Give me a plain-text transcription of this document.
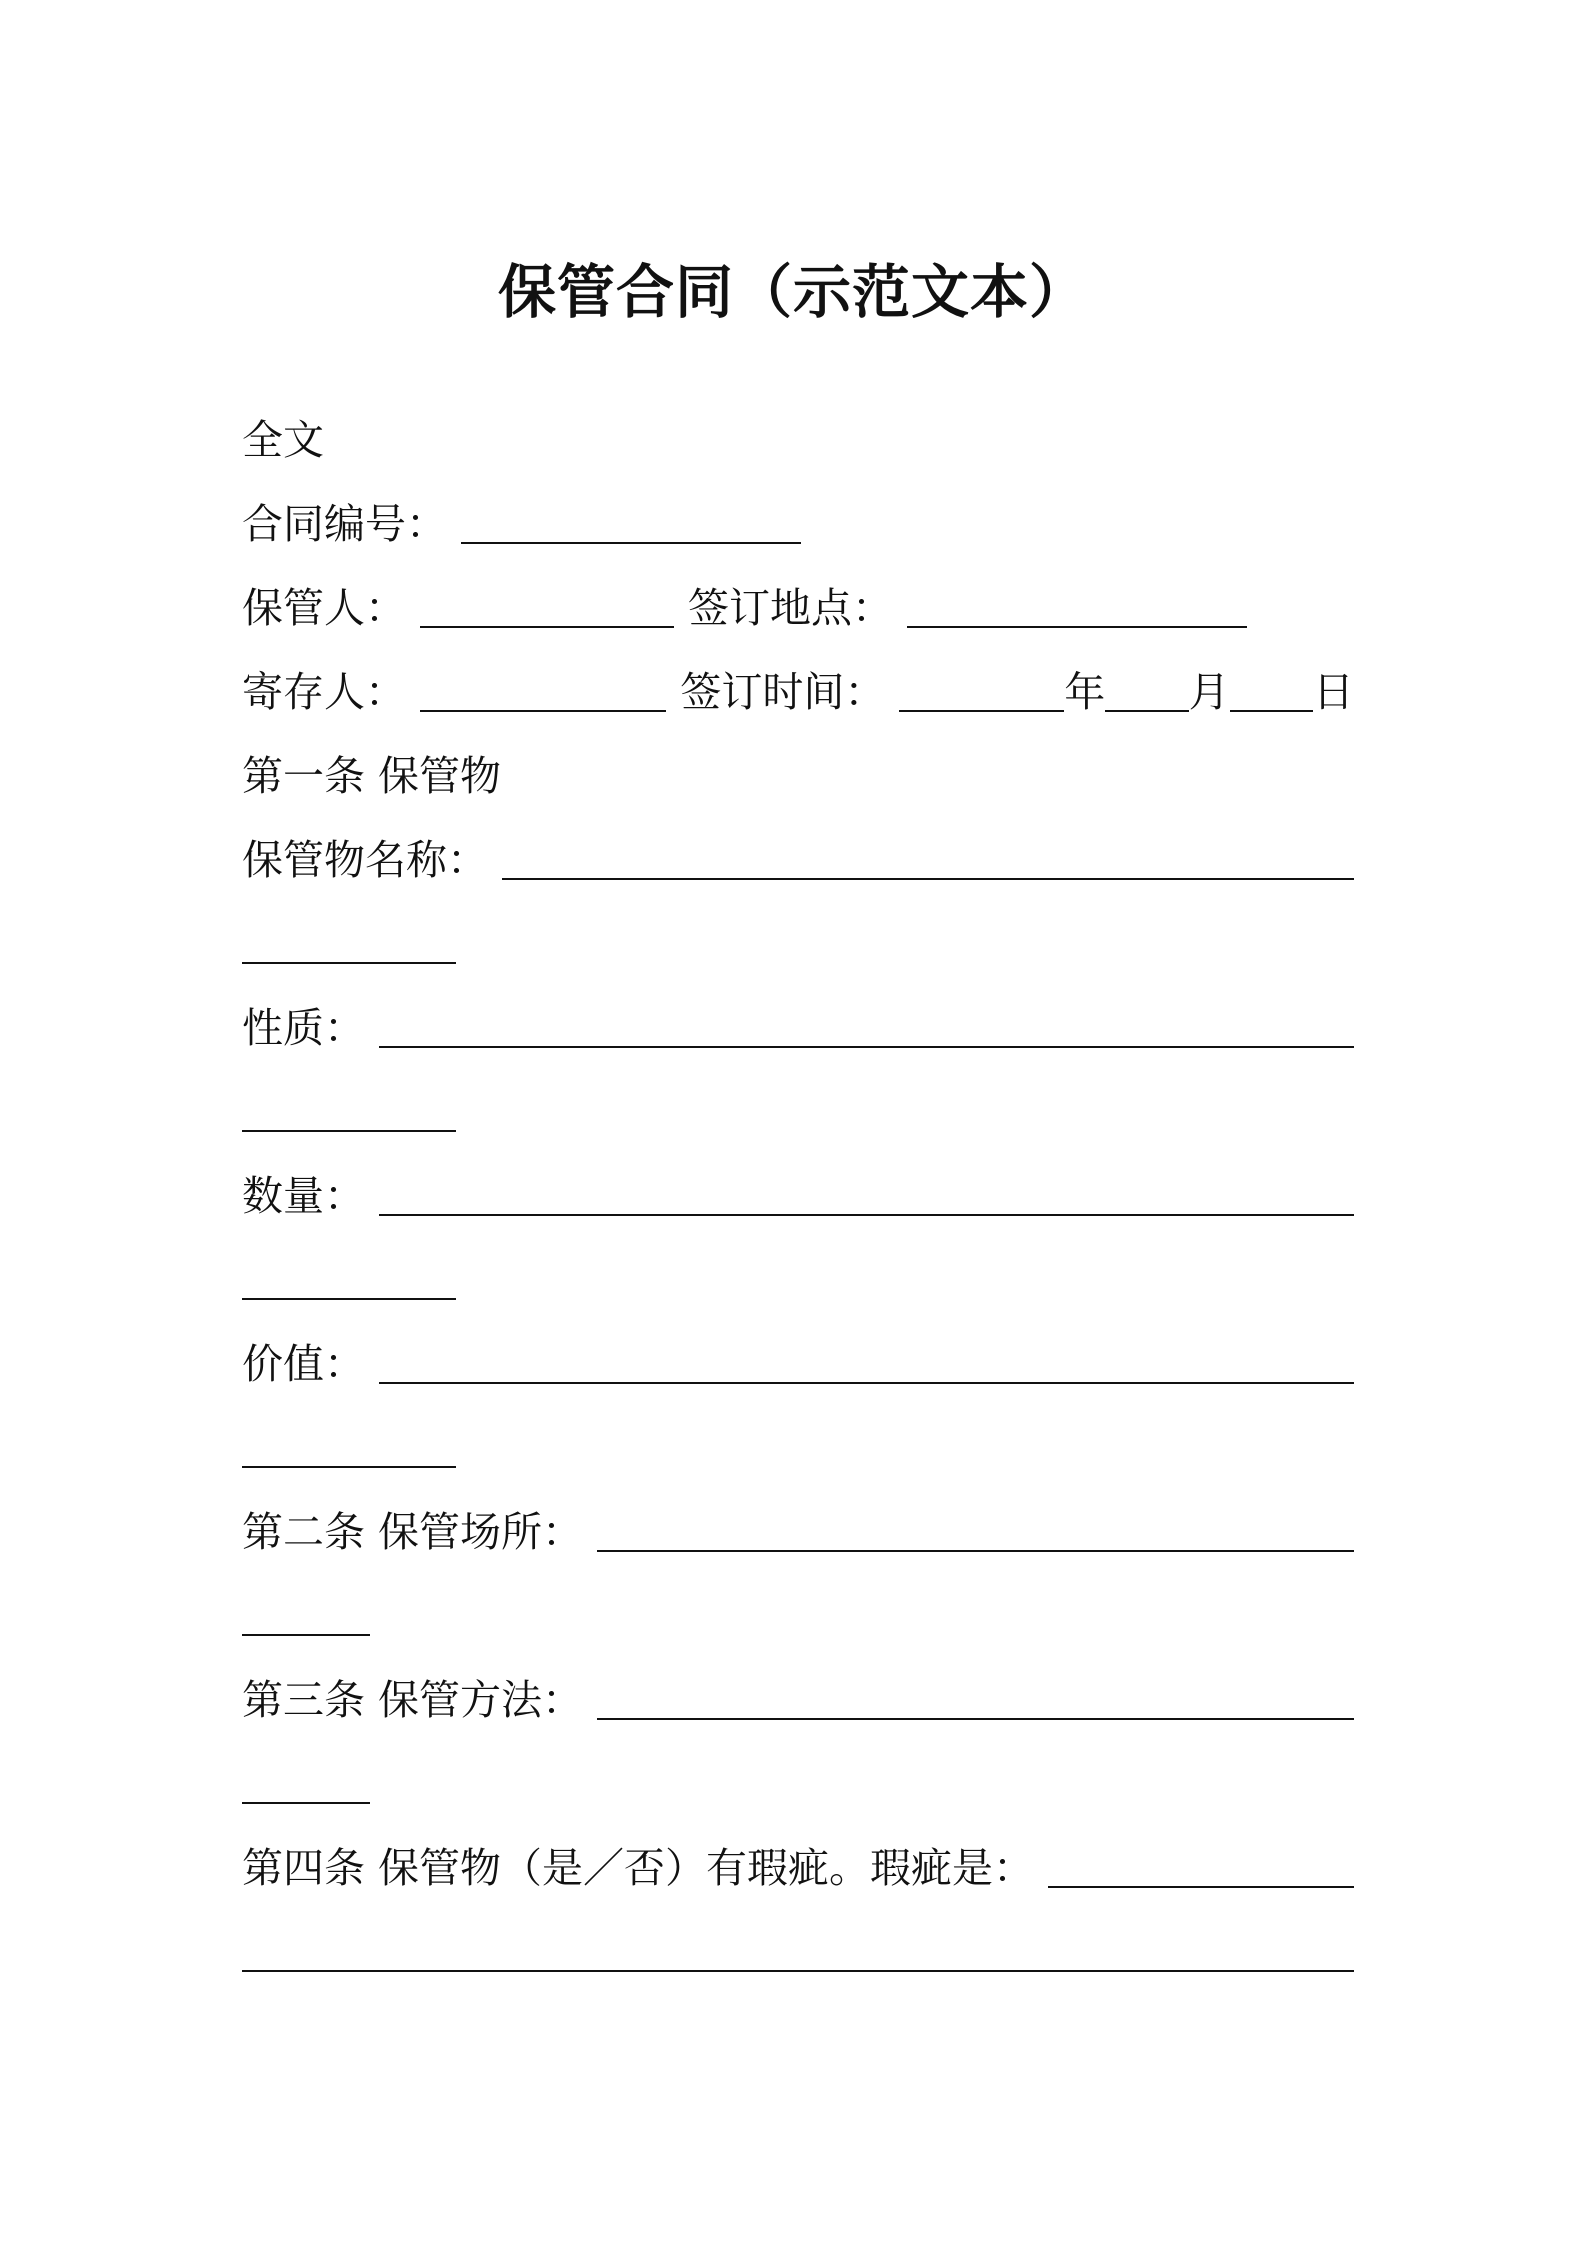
保管合同（示范文本）
全文
合同编号：
保管人：	签订地点：
寄存人：	签订时间：	年 月 日
第一条 保管物
保管物名称：
性质：
数量：
价值：
第二条 保管场所：
第三条 保管方法：
第四条 保管物（是／否）有瑕疵。瑕疵是：
